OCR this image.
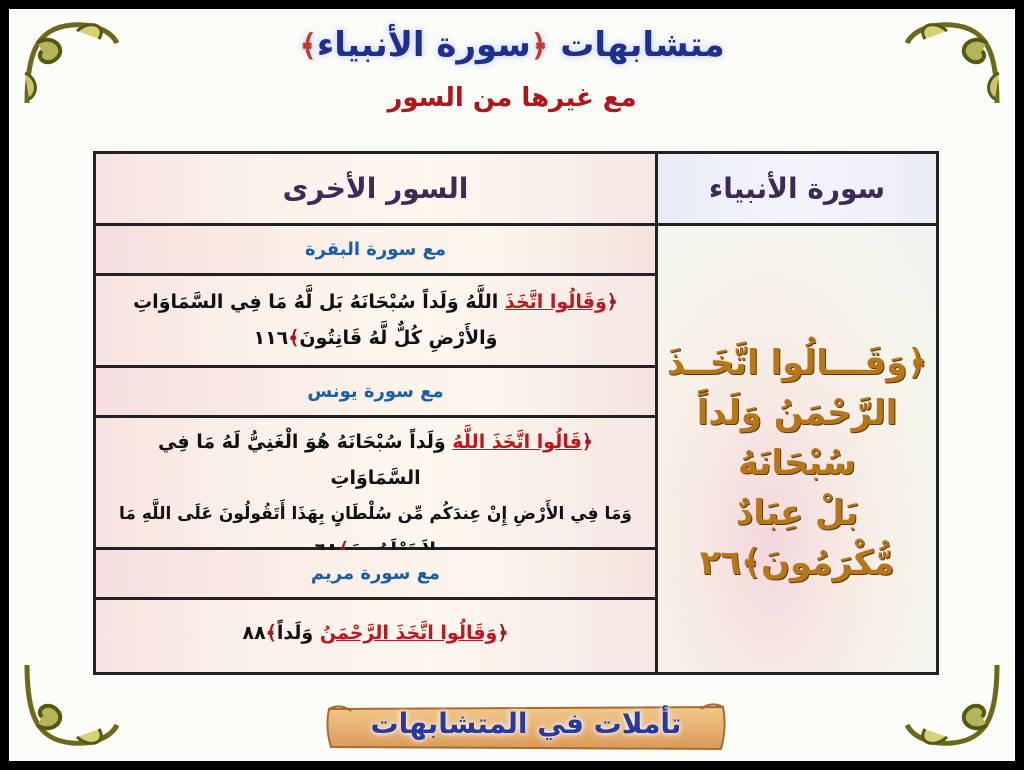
متشابهات ﴿سورة الأنبياء﴾
مع غيرها من السور
السور الأخرى
مع سورة البقرة
﴿وَقَالُوا اتَّخَذَ اللَّهُ وَلَداً سُبْحَانَهُ بَل لَّهُ مَا فِي السَّمَاوَاتِ
وَالأَرْضِ كُلٌّ لَّهُ قَانِتُونَ﴾١١٦
مع سورة يونس
﴿قَالُوا اتَّخَذَ اللَّهُ وَلَداً سُبْحَانَهُ هُوَ الْغَنِيُّ لَهُ مَا فِي السَّمَاوَاتِ
وَمَا فِي الأَرْضِ إِنْ عِندَكُم مِّن سُلْطَانٍ بِهَذَا أَتَقُولُونَ عَلَى اللَّهِ مَا
مع سورة مريم
﴿وَقَالُوا اتَّخَذَ الرَّحْمَنُ وَلَداً﴾٨٨
سورة الأنبياء
﴿وَقَـــالُوا اتَّخَــذَ
الرَّحْمَنُ وَلَداً سُبْحَانَهُ
بَلْ عِبَادٌ مُّكْرَمُونَ﴾٢٦
تأملات في المتشابهات
